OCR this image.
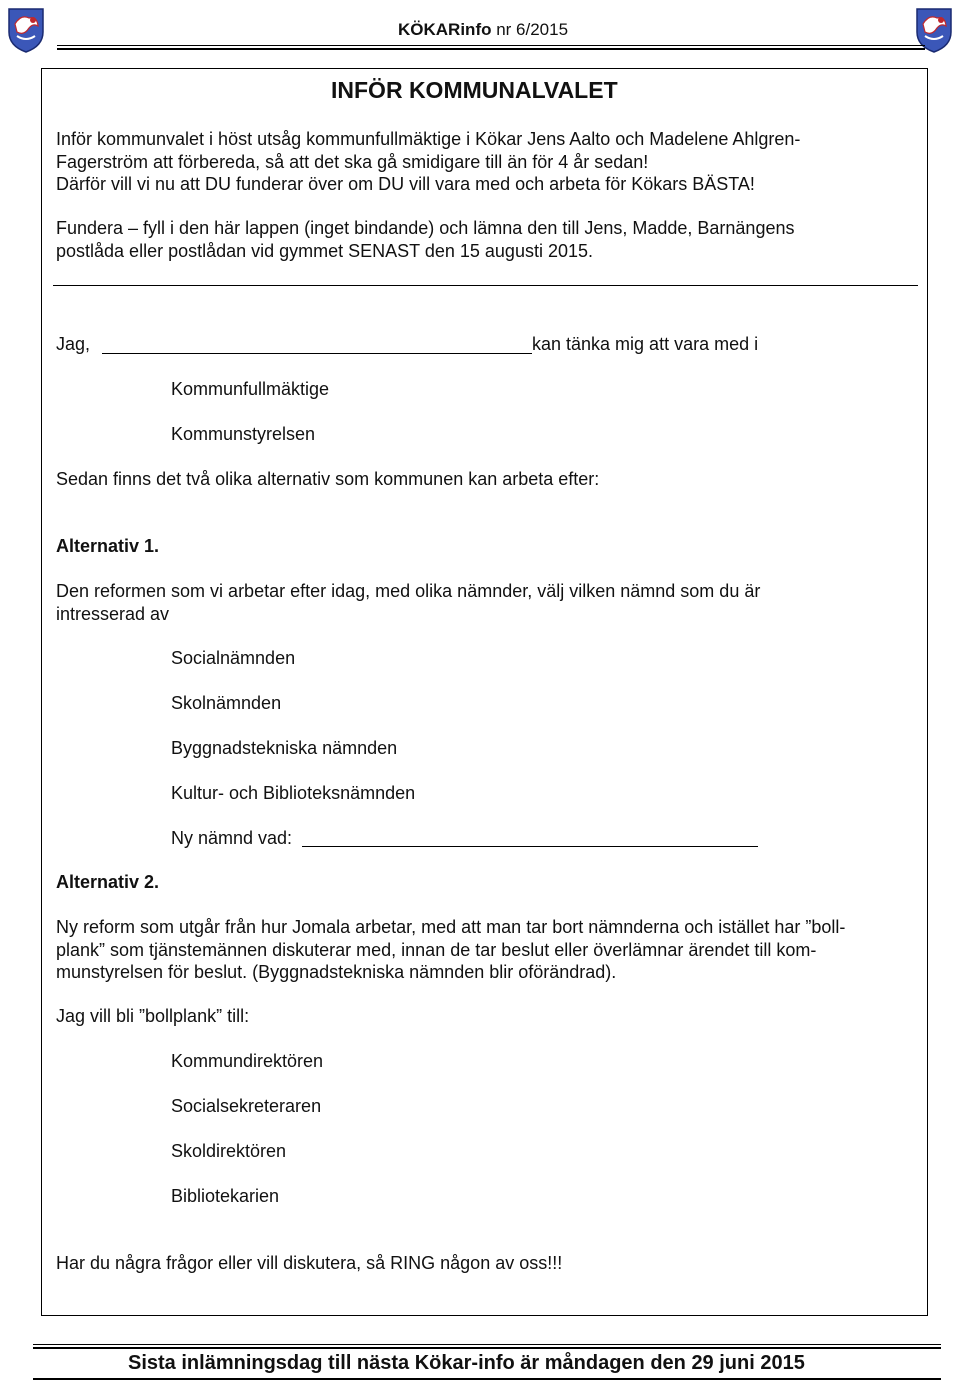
KÖKARinfo nr 6/2015
INFÖR KOMMUNALVALET
Inför kommunvalet i höst utsåg kommunfullmäktige i Kökar Jens Aalto och Madelene Ahlgren-
Fagerström att förbereda, så att det ska gå smidigare till än för 4 år sedan!
Därför vill vi nu att DU funderar över om DU vill vara med och arbeta för Kökars BÄSTA!
Fundera – fyll i den här lappen (inget bindande) och lämna den till Jens, Madde, Barnängens
postlåda eller postlådan vid gymmet SENAST den 15 augusti 2015.
Jag,	kan tänka mig att vara med i
Kommunfullmäktige
Kommunstyrelsen
Sedan finns det två olika alternativ som kommunen kan arbeta efter:
Alternativ 1.
Den reformen som vi arbetar efter idag, med olika nämnder, välj vilken nämnd som du är
intresserad av
Socialnämnden
Skolnämnden
Byggnadstekniska nämnden
Kultur- och Biblioteksnämnden
Ny nämnd vad:
Alternativ 2.
Ny reform som utgår från hur Jomala arbetar, med att man tar bort nämnderna och istället har ”boll-
plank” som tjänstemännen diskuterar med, innan de tar beslut eller överlämnar ärendet till kom-
munstyrelsen för beslut. (Byggnadstekniska nämnden blir oförändrad).
Jag vill bli ”bollplank” till:
Kommundirektören
Socialsekreteraren
Skoldirektören
Bibliotekarien
Har du några frågor eller vill diskutera, så RING någon av oss!!!
Sista inlämningsdag till nästa Kökar-info är måndagen den 29 juni 2015
